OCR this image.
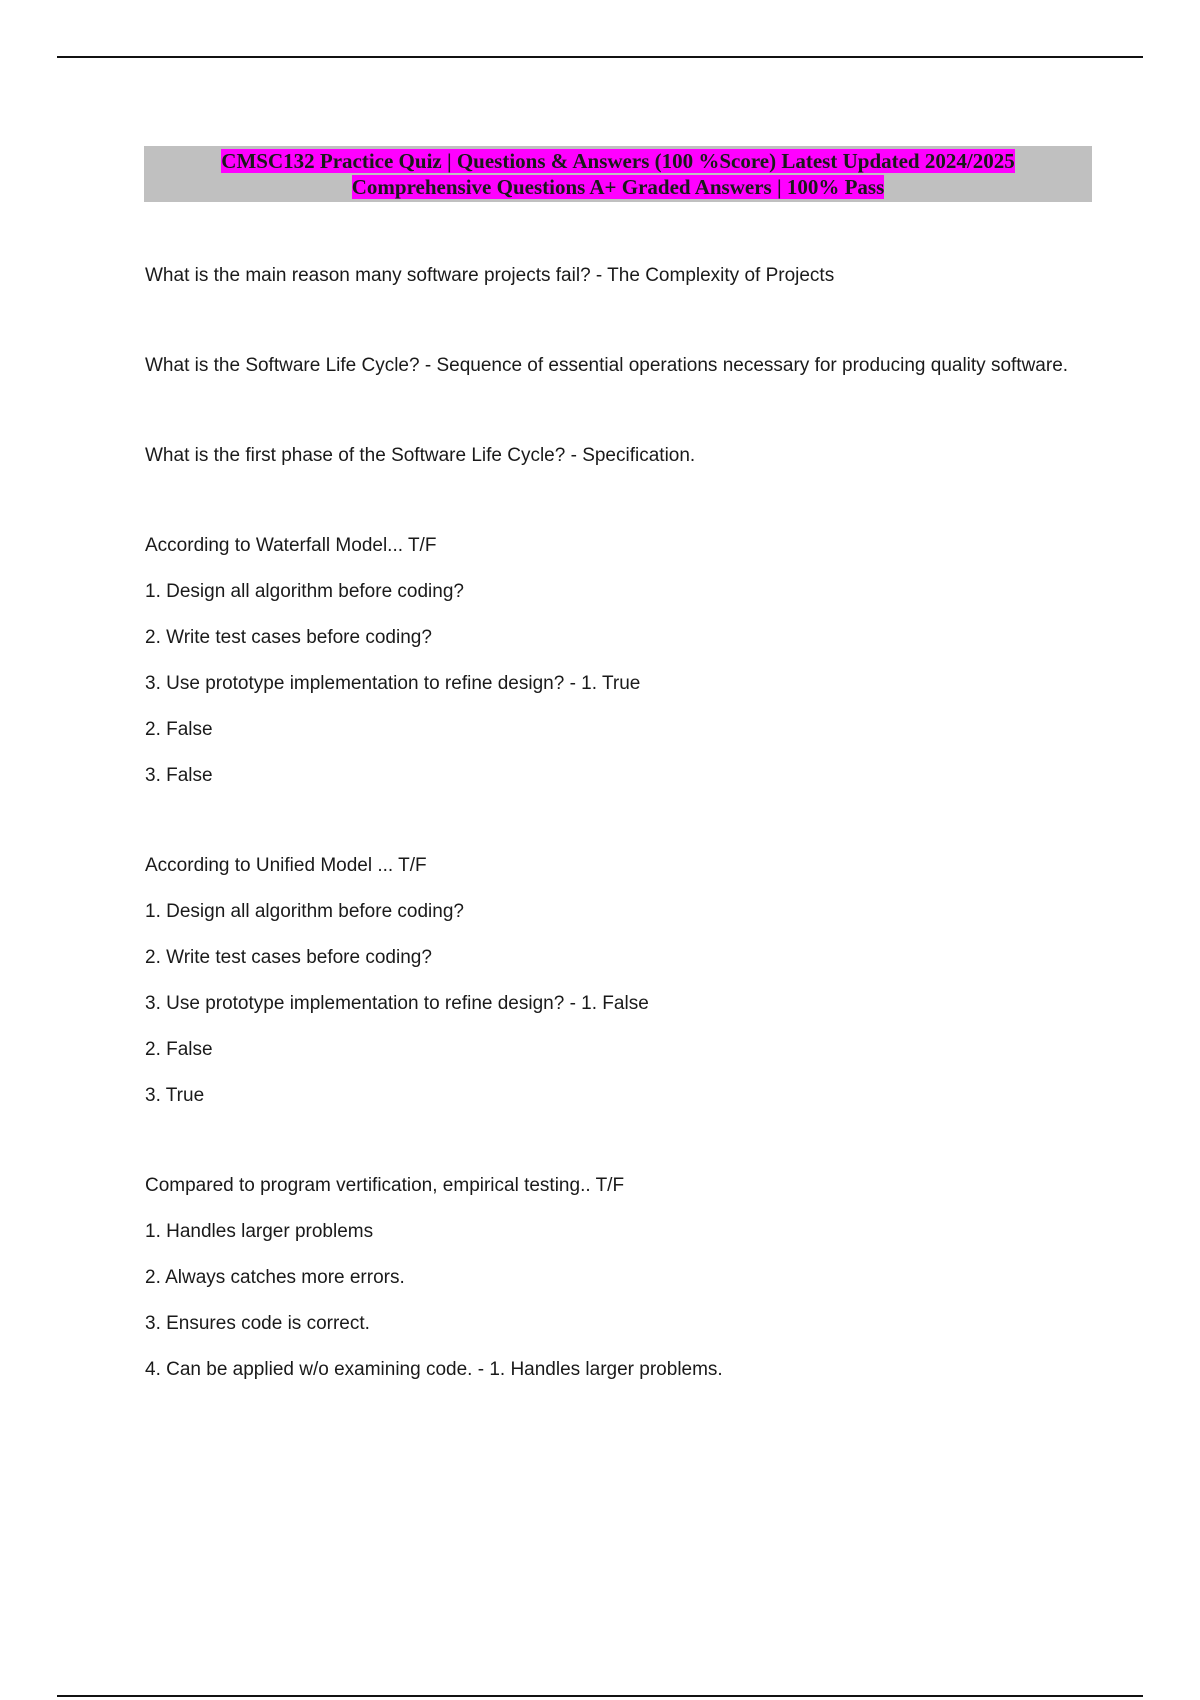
CMSC132 Practice Quiz | Questions & Answers (100 %Score) Latest Updated 2024/2025
Comprehensive Questions A+ Graded Answers | 100% Pass

What is the main reason many software projects fail? - The Complexity of Projects

What is the Software Life Cycle? - Sequence of essential operations necessary for producing quality software.

What is the first phase of the Software Life Cycle? - Specification.

According to Waterfall Model... T/F

1. Design all algorithm before coding?

2. Write test cases before coding?

3. Use prototype implementation to refine design? - 1. True

2. False

3. False

According to Unified Model ... T/F

1. Design all algorithm before coding?

2. Write test cases before coding?

3. Use prototype implementation to refine design? - 1. False

2. False

3. True

Compared to program vertification, empirical testing.. T/F

1. Handles larger problems

2. Always catches more errors.

3. Ensures code is correct.

4. Can be applied w/o examining code. - 1. Handles larger problems.
